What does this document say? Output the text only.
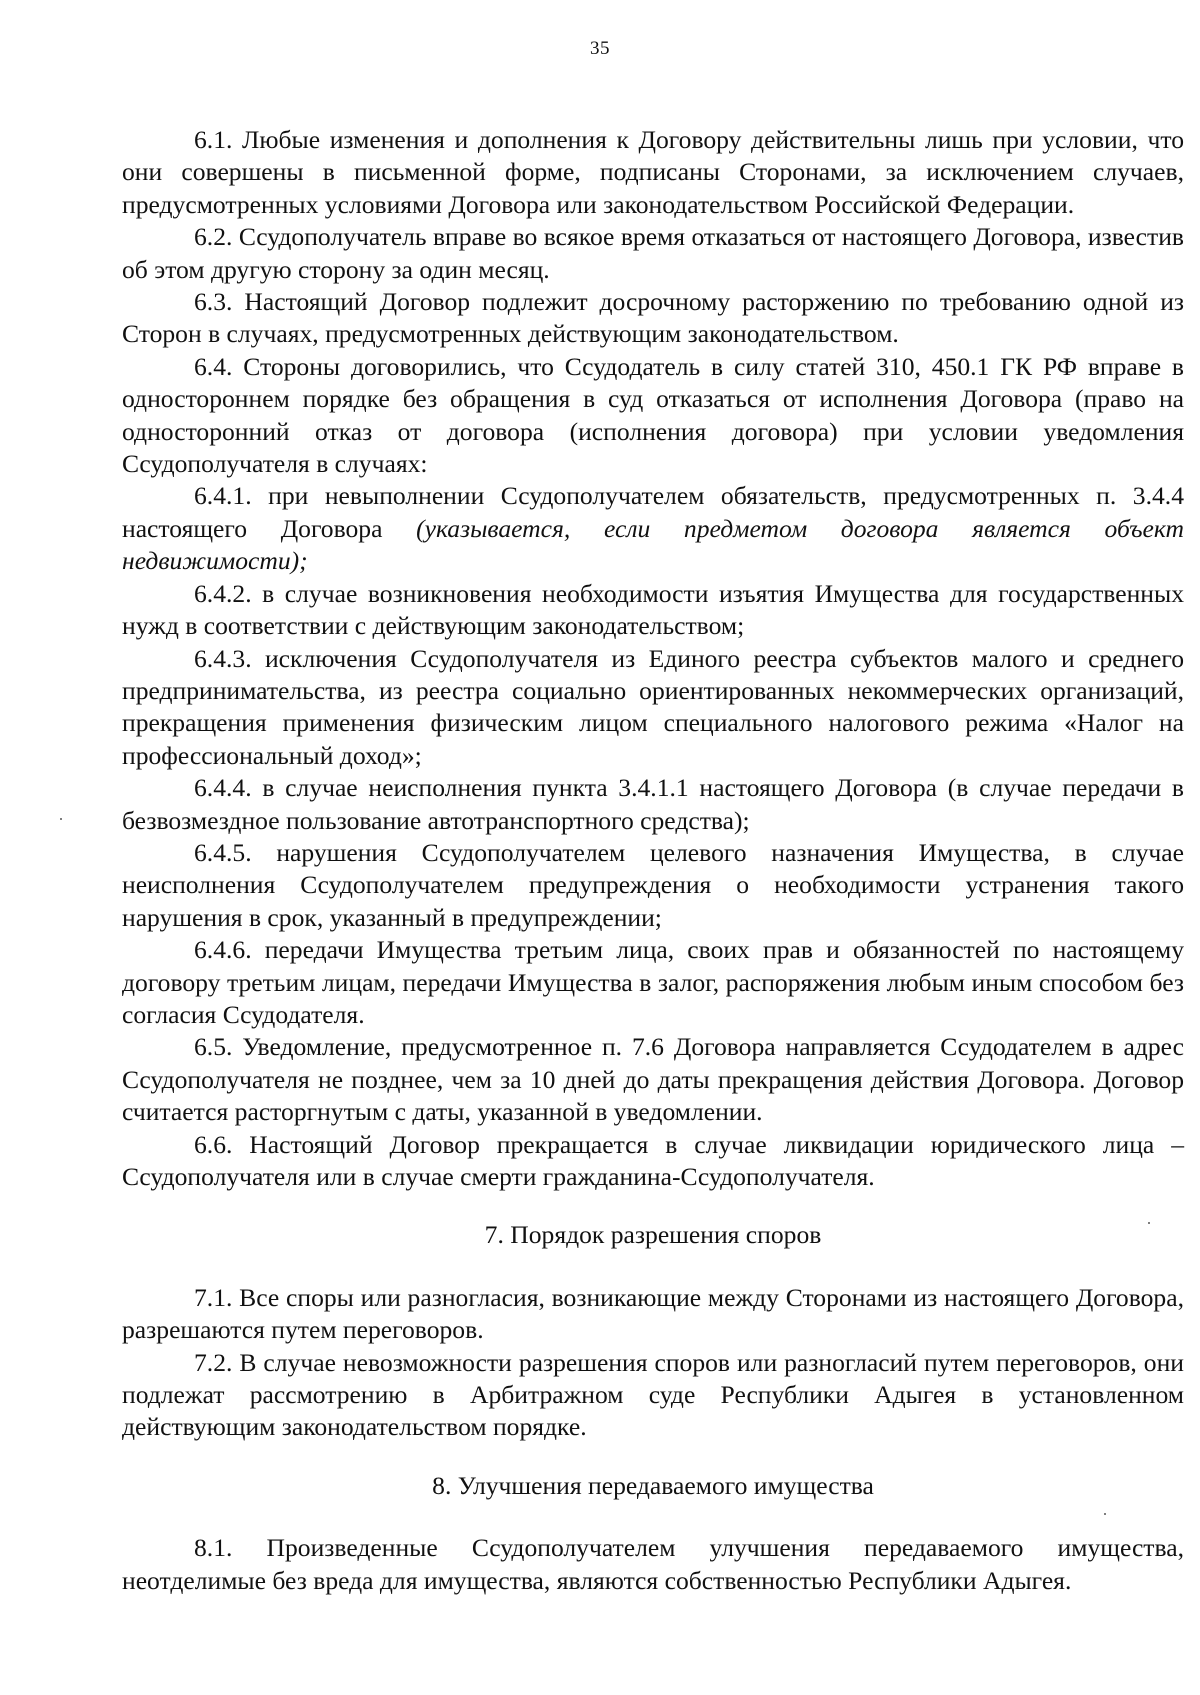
35

6.1. Любые изменения и дополнения к Договору действительны лишь при условии, что они совершены в письменной форме, подписаны Сторонами, за исключением случаев, предусмотренных условиями Договора или законодательством Российской Федерации.

6.2. Ссудополучатель вправе во всякое время отказаться от настоящего Договора, известив об этом другую сторону за один месяц.

6.3. Настоящий Договор подлежит досрочному расторжению по требованию одной из Сторон в случаях, предусмотренных действующим законодательством.

6.4. Стороны договорились, что Ссудодатель в силу статей 310, 450.1 ГК РФ вправе в одностороннем порядке без обращения в суд отказаться от исполнения Договора (право на односторонний отказ от договора (исполнения договора) при условии уведомления Ссудополучателя в случаях:

6.4.1. при невыполнении Ссудополучателем обязательств, предусмотренных п. 3.4.4 настоящего Договора (указывается, если предметом договора является объект недвижимости);

6.4.2. в случае возникновения необходимости изъятия Имущества для государственных нужд в соответствии с действующим законодательством;

6.4.3. исключения Ссудополучателя из Единого реестра субъектов малого и среднего предпринимательства, из реестра социально ориентированных некоммерческих организаций, прекращения применения физическим лицом специального налогового режима «Налог на профессиональный доход»;

6.4.4. в случае неисполнения пункта 3.4.1.1 настоящего Договора (в случае передачи в безвозмездное пользование автотранспортного средства);

6.4.5. нарушения Ссудополучателем целевого назначения Имущества, в случае неисполнения Ссудополучателем предупреждения о необходимости устранения такого нарушения в срок, указанный в предупреждении;

6.4.6. передачи Имущества третьим лица, своих прав и обязанностей по настоящему договору третьим лицам, передачи Имущества в залог, распоряжения любым иным способом без согласия Ссудодателя.

6.5. Уведомление, предусмотренное п. 7.6 Договора направляется Ссудодателем в адрес Ссудополучателя не позднее, чем за 10 дней до даты прекращения действия Договора. Договор считается расторгнутым с даты, указанной в уведомлении.

6.6. Настоящий Договор прекращается в случае ликвидации юридического лица – Ссудополучателя или в случае смерти гражданина-Ссудополучателя.

7. Порядок разрешения споров

7.1. Все споры или разногласия, возникающие между Сторонами из настоящего Договора, разрешаются путем переговоров.

7.2. В случае невозможности разрешения споров или разногласий путем переговоров, они подлежат рассмотрению в Арбитражном суде Республики Адыгея в установленном действующим законодательством порядке.

8. Улучшения передаваемого имущества

8.1. Произведенные Ссудополучателем улучшения передаваемого имущества, неотделимые без вреда для имущества, являются собственностью Республики Адыгея.
